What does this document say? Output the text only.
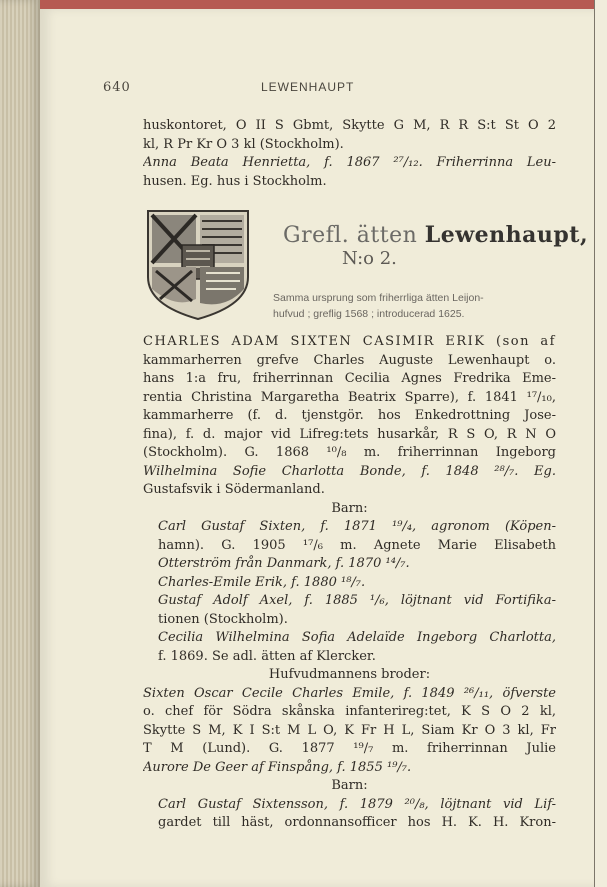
640	LEWENHAUPT
huskontoret, O II S Gbmt, Skytte G M, R R S:t St O 2
kl, R Pr Kr O 3 kl (Stockholm).
Anna Beata Henrietta, f. 1867 ²⁷/₁₂. Friherrinna Leu-
husen. Eg. hus i Stockholm.
Grefl. ätten Lewenhaupt,
N:o 2.
Samma ursprung som friherrliga ätten Leijon-
hufvud ; greflig 1568 ; introducerad 1625.
CHARLES ADAM SIXTEN CASIMIR ERIK (son af
kammarherren grefve Charles Auguste Lewenhaupt o.
hans 1:a fru, friherrinnan Cecilia Agnes Fredrika Eme-
rentia Christina Margaretha Beatrix Sparre), f. 1841 ¹⁷/₁₀,
kammarherre (f. d. tjenstgör. hos Enkedrottning Jose-
fina), f. d. major vid Lifreg:tets husarkår, R S O, R N O
(Stockholm). G. 1868 ¹⁰/₈ m. friherrinnan Ingeborg
Wilhelmina Sofie Charlotta Bonde, f. 1848 ²⁸/₇. Eg.
Gustafsvik i Södermanland.
Barn:
Carl Gustaf Sixten, f. 1871 ¹⁹/₄, agronom (Köpen-
hamn). G. 1905 ¹⁷/₆ m. Agnete Marie Elisabeth
Otterström från Danmark, f. 1870 ¹⁴/₇.
Charles-Emile Erik, f. 1880 ¹⁸/₇.
Gustaf Adolf Axel, f. 1885 ¹/₆, löjtnant vid Fortifika-
tionen (Stockholm).
Cecilia Wilhelmina Sofia Adelaïde Ingeborg Charlotta,
f. 1869. Se adl. ätten af Klercker.
Hufvudmannens broder:
Sixten Oscar Cecile Charles Emile, f. 1849 ²⁶/₁₁, öfverste
o. chef för Södra skånska infanterireg:tet, K S O 2 kl,
Skytte S M, K I S:t M L O, K Fr H L, Siam Kr O 3 kl, Fr
T M (Lund). G. 1877 ¹⁹/₇ m. friherrinnan Julie
Aurore De Geer af Finspång, f. 1855 ¹⁹/₇.
Barn:
Carl Gustaf Sixtensson, f. 1879 ²⁰/₈, löjtnant vid Lif-
gardet till häst, ordonnansofficer hos H. K. H. Kron-
